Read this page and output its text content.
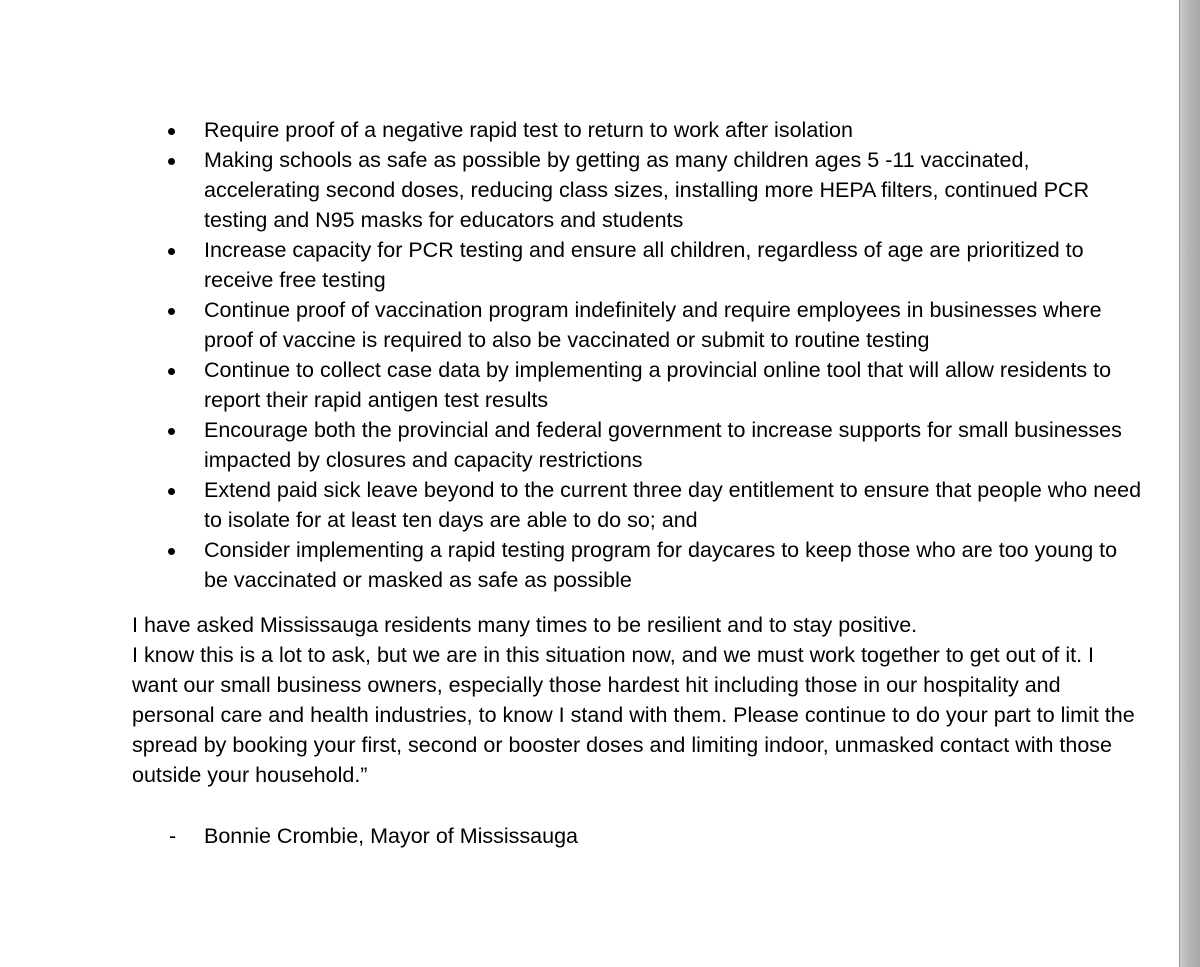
Require proof of a negative rapid test to return to work after isolation
Making schools as safe as possible by getting as many children ages 5 -11 vaccinated, accelerating second doses, reducing class sizes, installing more HEPA filters, continued PCR testing and N95 masks for educators and students
Increase capacity for PCR testing and ensure all children, regardless of age are prioritized to receive free testing
Continue proof of vaccination program indefinitely and require employees in businesses where proof of vaccine is required to also be vaccinated or submit to routine testing
Continue to collect case data by implementing a provincial online tool that will allow residents to report their rapid antigen test results
Encourage both the provincial and federal government to increase supports for small businesses impacted by closures and capacity restrictions
Extend paid sick leave beyond to the current three day entitlement to ensure that people who need to isolate for at least ten days are able to do so; and
Consider implementing a rapid testing program for daycares to keep those who are too young to be vaccinated or masked as safe as possible
I have asked Mississauga residents many times to be resilient and to stay positive.
I know this is a lot to ask, but we are in this situation now, and we must work together to get out of it. I want our small business owners, especially those hardest hit including those in our hospitality and personal care and health industries, to know I stand with them. Please continue to do your part to limit the spread by booking your first, second or booster doses and limiting indoor, unmasked contact with those outside your household.”
- Bonnie Crombie, Mayor of Mississauga
